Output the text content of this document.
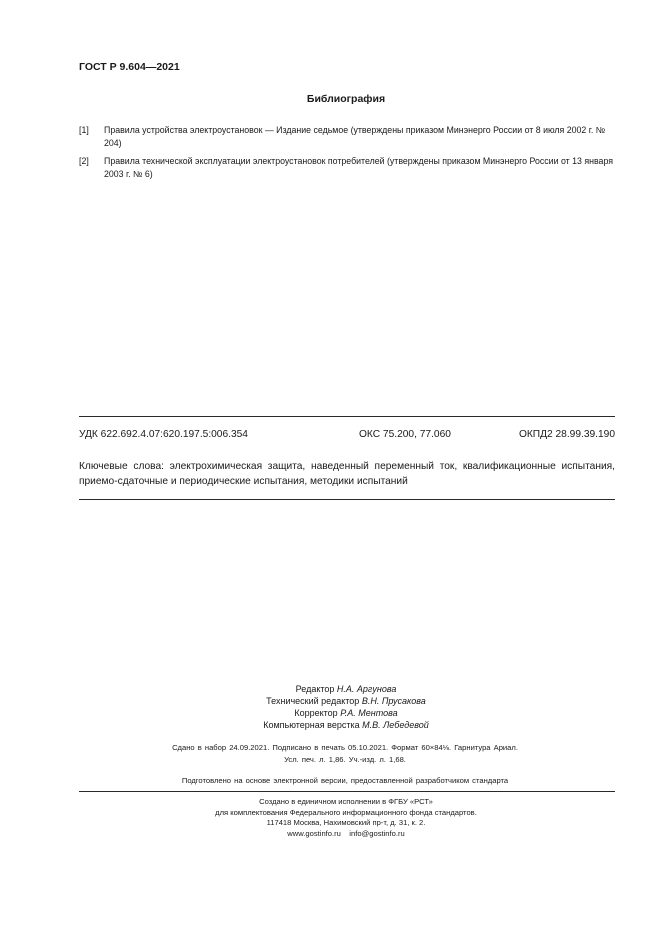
ГОСТ Р 9.604—2021
Библиография
[1]	Правила устройства электроустановок — Издание седьмое (утверждены приказом Минэнерго России от 8 июля 2002 г. № 204)
[2]	Правила технической эксплуатации электроустановок потребителей (утверждены приказом Минэнерго России от 13 января 2003 г. № 6)
УДК 622.692.4.07:620.197.5:006.354	ОКС 75.200, 77.060	ОКПД2 28.99.39.190
Ключевые слова: электрохимическая защита, наведенный переменный ток, квалификационные испытания, приемо-сдаточные и периодические испытания, методики испытаний
Редактор Н.А. Аргунова
Технический редактор В.Н. Прусакова
Корректор Р.А. Ментова
Компьютерная верстка М.В. Лебедевой
Сдано в набор 24.09.2021. Подписано в печать 05.10.2021. Формат 60×84⅛. Гарнитура Ариал.
Усл. печ. л. 1,86. Уч.-изд. л. 1,68.
Подготовлено на основе электронной версии, предоставленной разработчиком стандарта
Создано в единичном исполнении в ФГБУ «РСТ»
для комплектования Федерального информационного фонда стандартов.
117418 Москва, Нахимовский пр-т, д. 31, к. 2.
www.gostinfo.ru    info@gostinfo.ru
